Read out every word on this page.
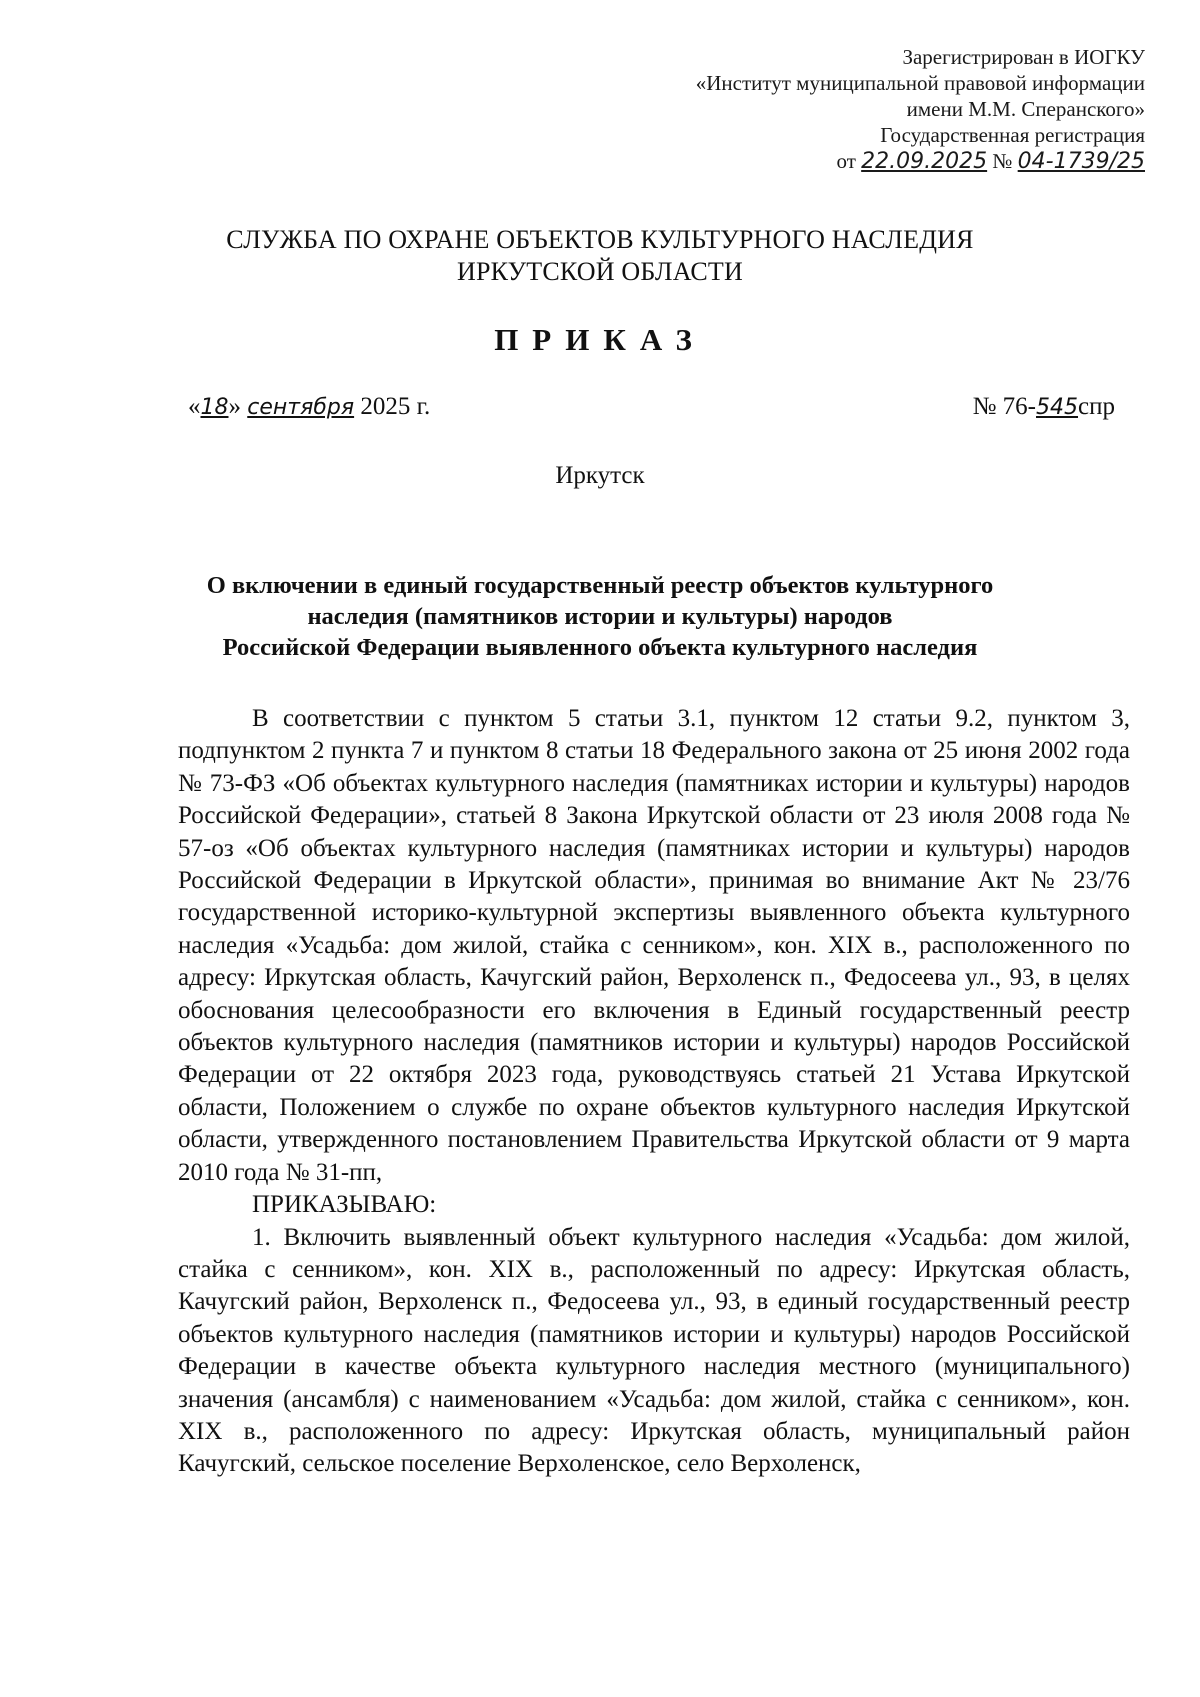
Зарегистрирован в ИОГКУ
«Институт муниципальной правовой информации
имени М.М. Сперанского»
Государственная регистрация
от 22.09.2025 № 04-1739/25
СЛУЖБА ПО ОХРАНЕ ОБЪЕКТОВ КУЛЬТУРНОГО НАСЛЕДИЯ
ИРКУТСКОЙ ОБЛАСТИ
ПРИКАЗ
«18» сентября 2025 г.	№ 76-545спр
Иркутск
О включении в единый государственный реестр объектов культурного
наследия (памятников истории и культуры) народов
Российской Федерации выявленного объекта культурного наследия

В соответствии с пунктом 5 статьи 3.1, пунктом 12 статьи 9.2, пунктом 3, подпунктом 2 пункта 7 и пунктом 8 статьи 18 Федерального закона от 25 июня 2002 года № 73-ФЗ «Об объектах культурного наследия (памятниках истории и культуры) народов Российской Федерации», статьей 8 Закона Иркутской области от 23 июля 2008 года № 57-оз «Об объектах культурного наследия (памятниках истории и культуры) народов Российской Федерации в Иркутской области», принимая во внимание Акт № 23/76 государственной историко-культурной экспертизы выявленного объекта культурного наследия «Усадьба: дом жилой, стайка с сенником», кон. XIX в., расположенного по адресу: Иркутская область, Качугский район, Верхоленск п., Федосеева ул., 93, в целях обоснования целесообразности его включения в Единый государственный реестр объектов культурного наследия (памятников истории и культуры) народов Российской Федерации от 22 октября 2023 года, руководствуясь статьей 21 Устава Иркутской области, Положением о службе по охране объектов культурного наследия Иркутской области, утвержденного постановлением Правительства Иркутской области от 9 марта 2010 года № 31-пп,

ПРИКАЗЫВАЮ:

1. Включить выявленный объект культурного наследия «Усадьба: дом жилой, стайка с сенником», кон. XIX в., расположенный по адресу: Иркутская область, Качугский район, Верхоленск п., Федосеева ул., 93, в единый государственный реестр объектов культурного наследия (памятников истории и культуры) народов Российской Федерации в качестве объекта культурного наследия местного (муниципального) значения (ансамбля) с наименованием «Усадьба: дом жилой, стайка с сенником», кон. XIX в., расположенного по адресу: Иркутская область, муниципальный район Качугский, сельское поселение Верхоленское, село Верхоленск,
